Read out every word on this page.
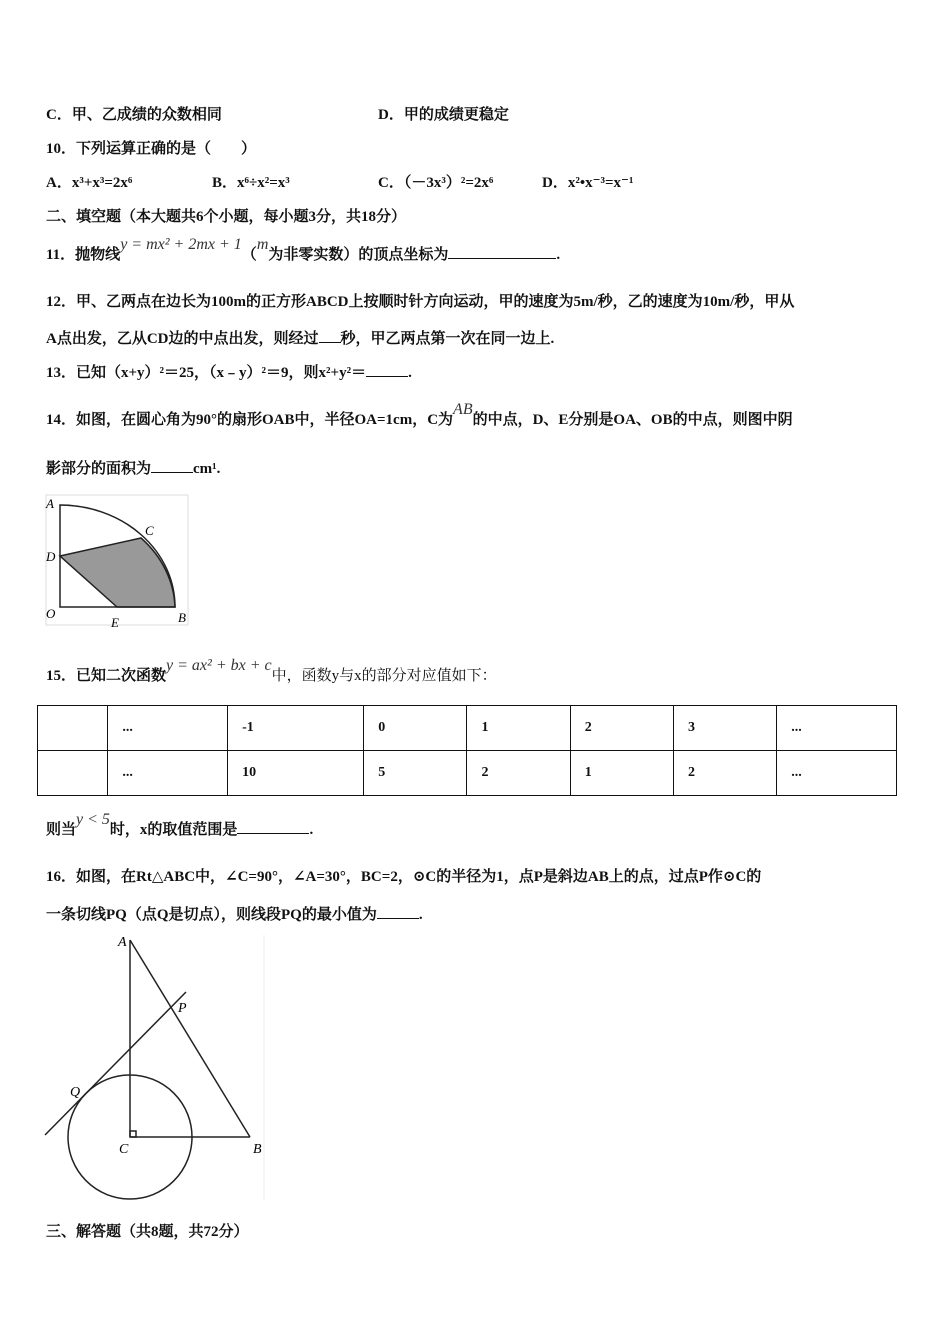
C．甲、乙成绩的众数相同	D．甲的成绩更稳定
10．下列运算正确的是（　　）
A．x³+x³=2x⁶	B．x⁶÷x²=x³	C．（－3x³）²=2x⁶	D．x²•x⁻³=x⁻¹
二、填空题（本大题共6个小题，每小题3分，共18分）
11．抛物线y = mx² + 2mx + 1（m为非零实数）的顶点坐标为	.
12．甲、乙两点在边长为100m的正方形ABCD上按顺时针方向运动，甲的速度为5m/秒，乙的速度为10m/秒，甲从
A点出发，乙从CD边的中点出发，则经过 秒，甲乙两点第一次在同一边上.
13．已知（x+y）²＝25，（x﹣y）²＝9，则x²+y²＝	.
14．如图，在圆心角为90°的扇形OAB中，半径OA=1cm，C为AB的中点，D、E分别是OA、OB的中点，则图中阴
影部分的面积为	cm¹.
A
C
D
O
E	B
15．已知二次函数y = ax² + bx + c中，函数y与x的部分对应值如下：
	...	-1	0	1	2	3	...
	...	10	5	2	1	2	...
则当y < 5时，x的取值范围是	.
16．如图，在Rt△ABC中，∠C=90°，∠A=30°，BC=2，⊙C的半径为1，点P是斜边AB上的点，过点P作⊙C的
一条切线PQ（点Q是切点），则线段PQ的最小值为	.
A
P
Q
C	B
三、解答题（共8题，共72分）
